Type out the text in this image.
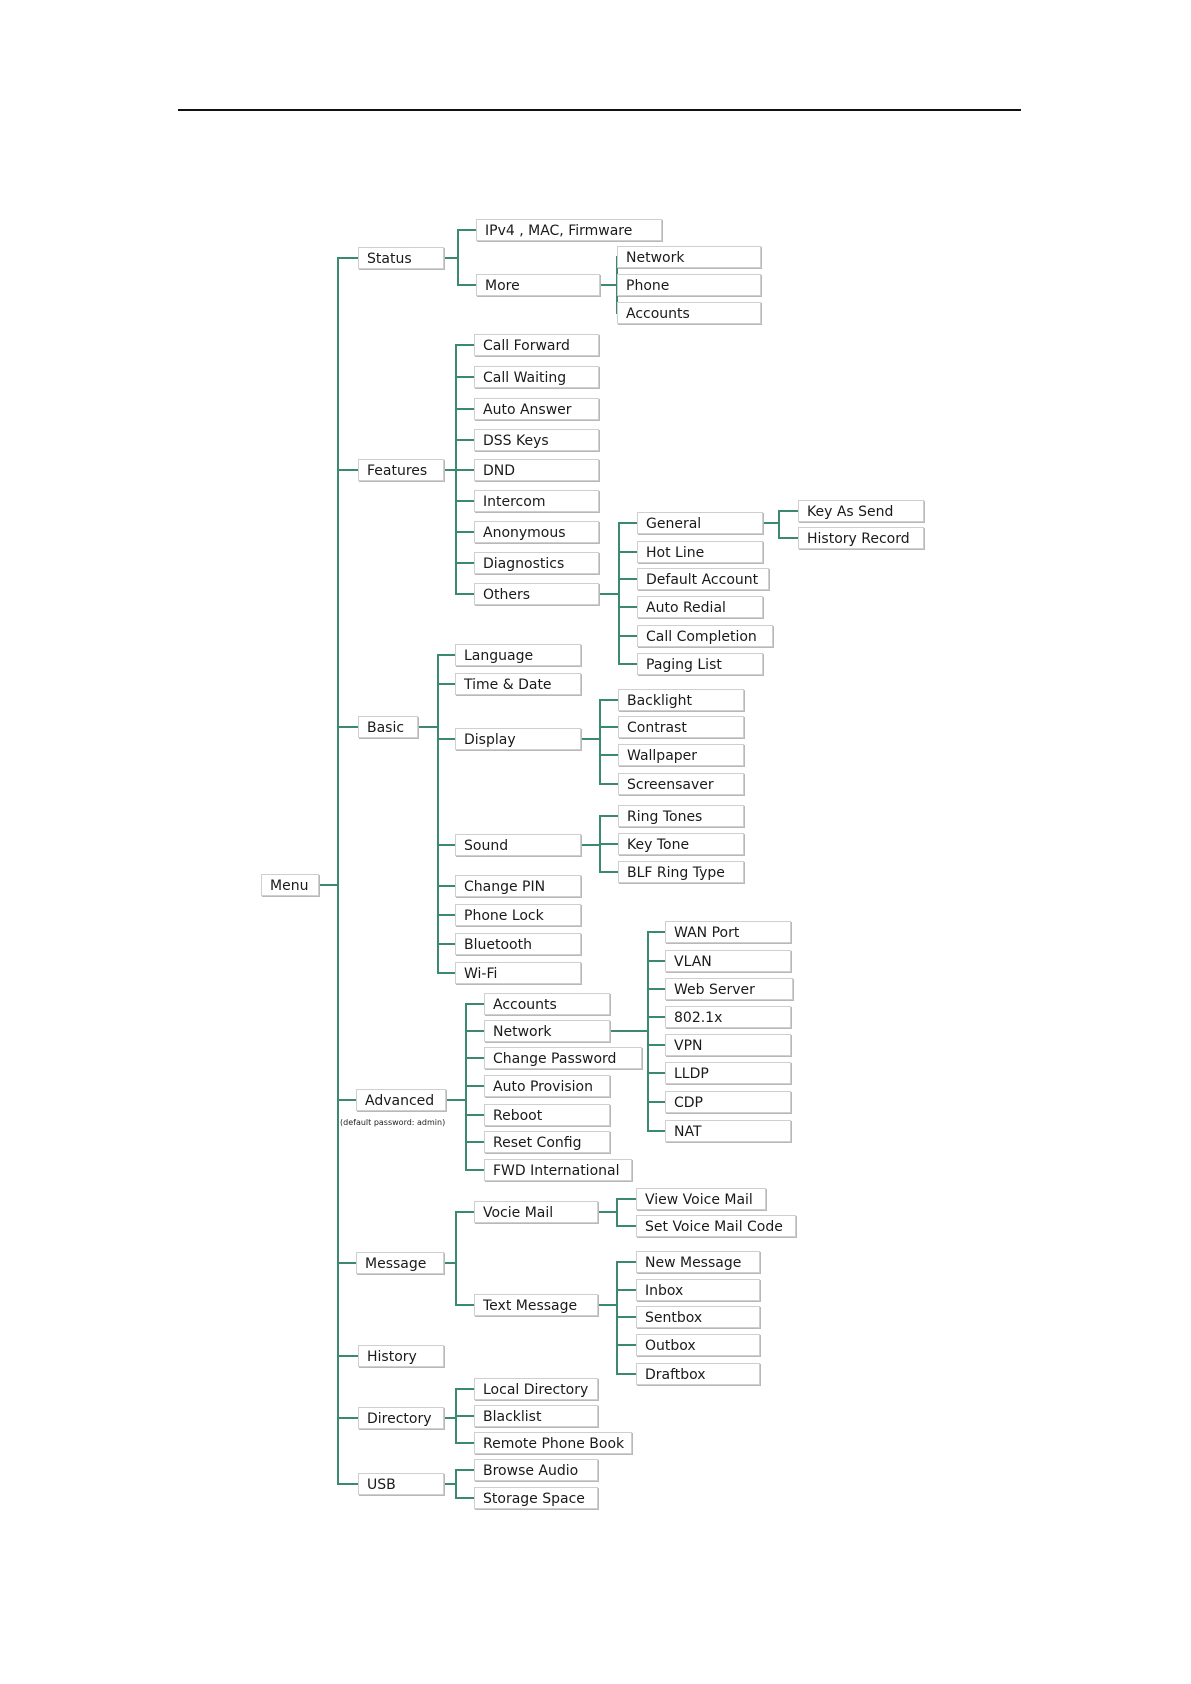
Menu
Status
IPv4 , MAC, Firmware
More
Network
Phone
Accounts
Features
Call Forward
Call Waiting
Auto Answer
DSS Keys
DND
Intercom
Anonymous
Diagnostics
Others
General
Key As Send
History Record
Hot Line
Default Account
Auto Redial
Call Completion
Paging List
Basic
Language
Time & Date
Display
Backlight
Contrast
Wallpaper
Screensaver
Sound
Ring Tones
Key Tone
BLF Ring Type
Change PIN
Phone Lock
Bluetooth
Wi-Fi
Advanced
Accounts
Network
Change Password
Auto Provision
Reboot
Reset Config
FWD International
WAN Port
VLAN
Web Server
802.1x
VPN
LLDP
CDP
NAT
Message
Vocie Mail
View Voice Mail
Set Voice Mail Code
Text Message
New Message
Inbox
Sentbox
Outbox
Draftbox
History
Directory
Local Directory
Blacklist
Remote Phone Book
USB
Browse Audio
Storage Space
(default password: admin)
